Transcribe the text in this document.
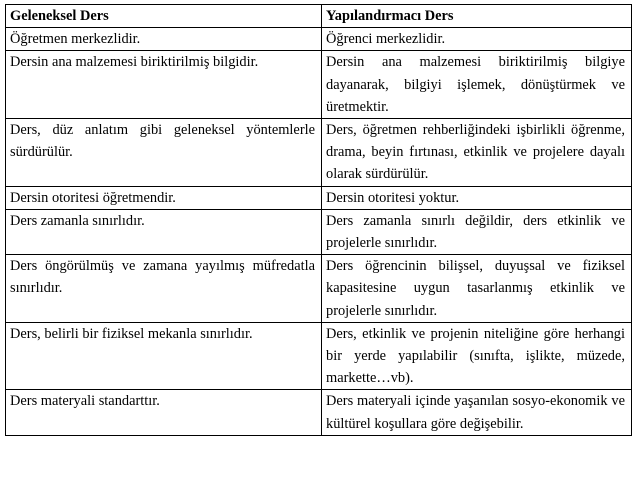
Geleneksel Ders	Yapılandırmacı Ders
Öğretmen merkezlidir.	Öğrenci merkezlidir.
Dersin ana malzemesi biriktirilmiş bilgidir.	Dersin ana malzemesi biriktirilmiş bilgiye dayanarak, bilgiyi işlemek, dönüştürmek ve üretmektir.
Ders, düz anlatım gibi geleneksel yöntemlerle sürdürülür.	Ders, öğretmen rehberliğindeki işbirlikli öğrenme, drama, beyin fırtınası, etkinlik ve projelere dayalı olarak sürdürülür.
Dersin otoritesi öğretmendir.	Dersin otoritesi yoktur.
Ders zamanla sınırlıdır.	Ders zamanla sınırlı değildir, ders etkinlik ve projelerle sınırlıdır.
Ders öngörülmüş ve zamana yayılmış müfredatla sınırlıdır.	Ders öğrencinin bilişsel, duyuşsal ve fiziksel kapasitesine uygun tasarlanmış etkinlik ve projelerle sınırlıdır.
Ders, belirli bir fiziksel mekanla sınırlıdır.	Ders, etkinlik ve projenin niteliğine göre herhangi bir yerde yapılabilir (sınıfta, işlikte, müzede, markette…vb).
Ders materyali standarttır.	Ders materyali içinde yaşanılan sosyo-ekonomik ve kültürel koşullara göre değişebilir.
